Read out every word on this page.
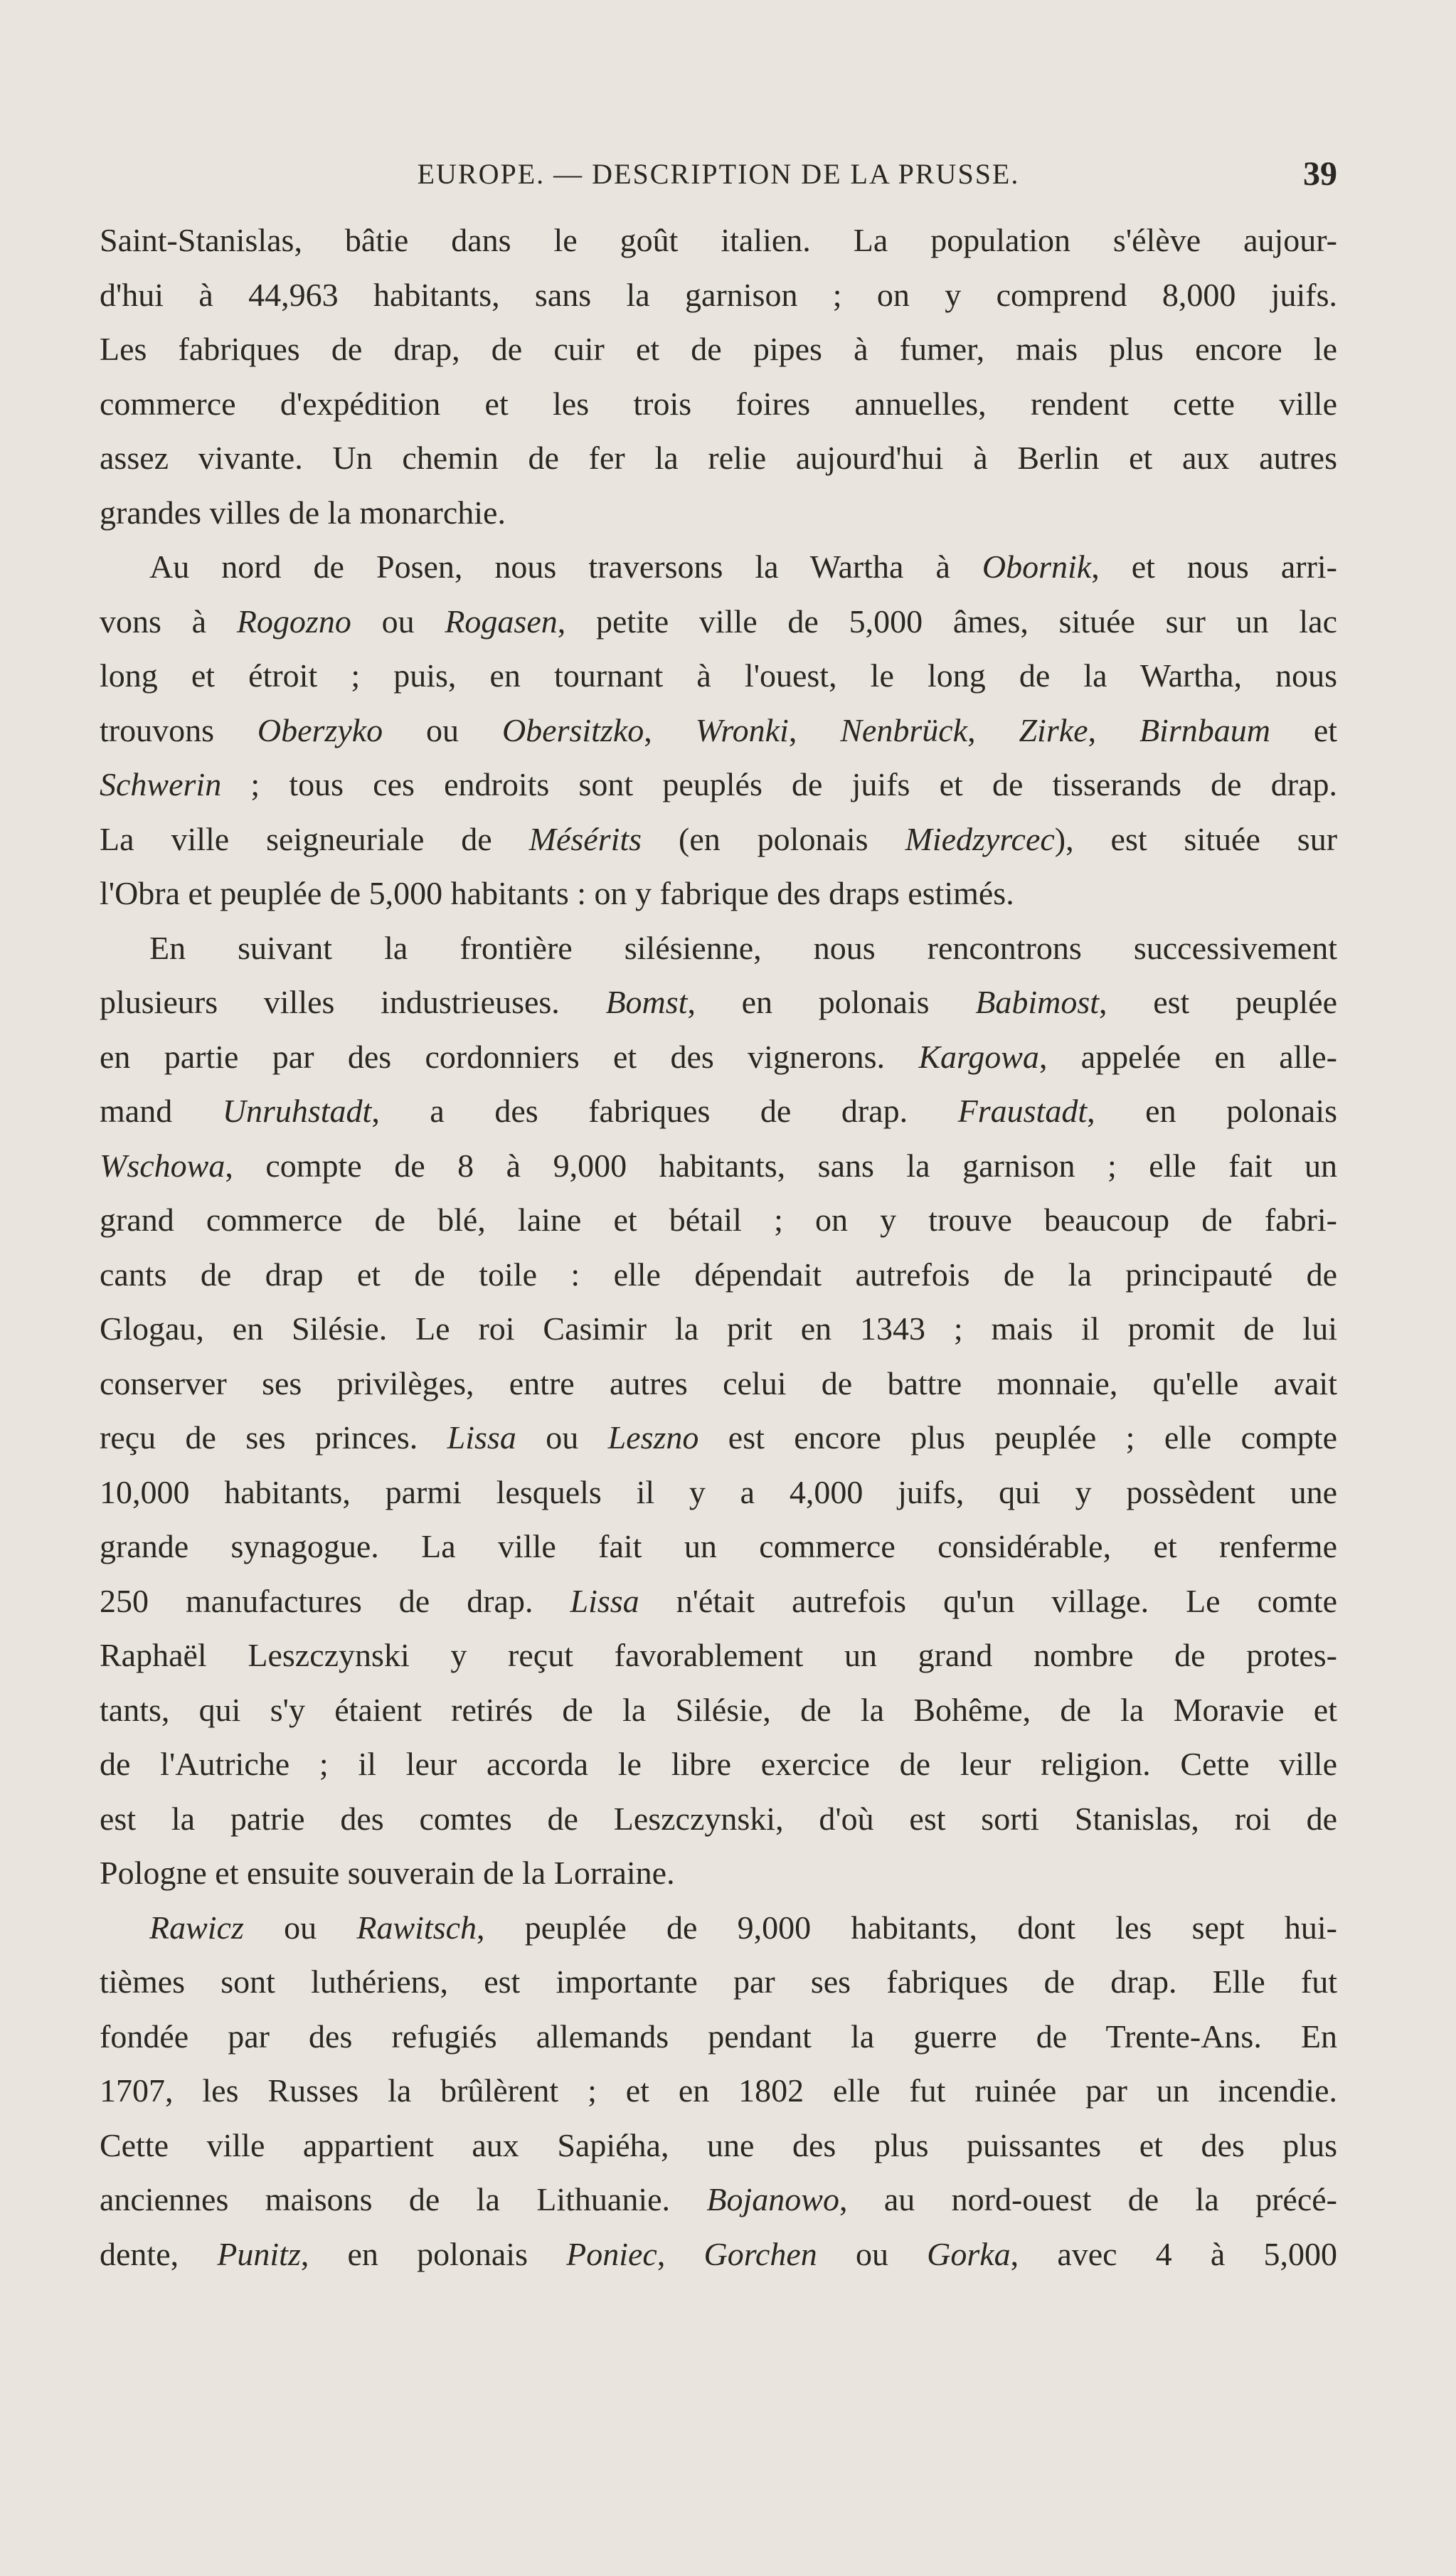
EUROPE. — DESCRIPTION DE LA PRUSSE.	39
Saint-Stanislas, bâtie dans le goût italien. La population s'élève aujour-
d'hui à 44,963 habitants, sans la garnison ; on y comprend 8,000 juifs.
Les fabriques de drap, de cuir et de pipes à fumer, mais plus encore le
commerce d'expédition et les trois foires annuelles, rendent cette ville
assez vivante. Un chemin de fer la relie aujourd'hui à Berlin et aux autres
grandes villes de la monarchie.
Au nord de Posen, nous traversons la Wartha à Obornik, et nous arri-
vons à Rogozno ou Rogasen, petite ville de 5,000 âmes, située sur un lac
long et étroit ; puis, en tournant à l'ouest, le long de la Wartha, nous
trouvons Oberzyko ou Obersitzko, Wronki, Nenbrück, Zirke, Birnbaum et
Schwerin ; tous ces endroits sont peuplés de juifs et de tisserands de drap.
La ville seigneuriale de Mésérits (en polonais Miedzyrcec), est située sur
l'Obra et peuplée de 5,000 habitants : on y fabrique des draps estimés.
En suivant la frontière silésienne, nous rencontrons successivement
plusieurs villes industrieuses. Bomst, en polonais Babimost, est peuplée
en partie par des cordonniers et des vignerons. Kargowa, appelée en alle-
mand Unruhstadt, a des fabriques de drap. Fraustadt, en polonais
Wschowa, compte de 8 à 9,000 habitants, sans la garnison ; elle fait un
grand commerce de blé, laine et bétail ; on y trouve beaucoup de fabri-
cants de drap et de toile : elle dépendait autrefois de la principauté de
Glogau, en Silésie. Le roi Casimir la prit en 1343 ; mais il promit de lui
conserver ses privilèges, entre autres celui de battre monnaie, qu'elle avait
reçu de ses princes. Lissa ou Leszno est encore plus peuplée ; elle compte
10,000 habitants, parmi lesquels il y a 4,000 juifs, qui y possèdent une
grande synagogue. La ville fait un commerce considérable, et renferme
250 manufactures de drap. Lissa n'était autrefois qu'un village. Le comte
Raphaël Leszczynski y reçut favorablement un grand nombre de protes-
tants, qui s'y étaient retirés de la Silésie, de la Bohême, de la Moravie et
de l'Autriche ; il leur accorda le libre exercice de leur religion. Cette ville
est la patrie des comtes de Leszczynski, d'où est sorti Stanislas, roi de
Pologne et ensuite souverain de la Lorraine.
Rawicz ou Rawitsch, peuplée de 9,000 habitants, dont les sept hui-
tièmes sont luthériens, est importante par ses fabriques de drap. Elle fut
fondée par des refugiés allemands pendant la guerre de Trente-Ans. En
1707, les Russes la brûlèrent ; et en 1802 elle fut ruinée par un incendie.
Cette ville appartient aux Sapiéha, une des plus puissantes et des plus
anciennes maisons de la Lithuanie. Bojanowo, au nord-ouest de la précé-
dente, Punitz, en polonais Poniec, Gorchen ou Gorka, avec 4 à 5,000
